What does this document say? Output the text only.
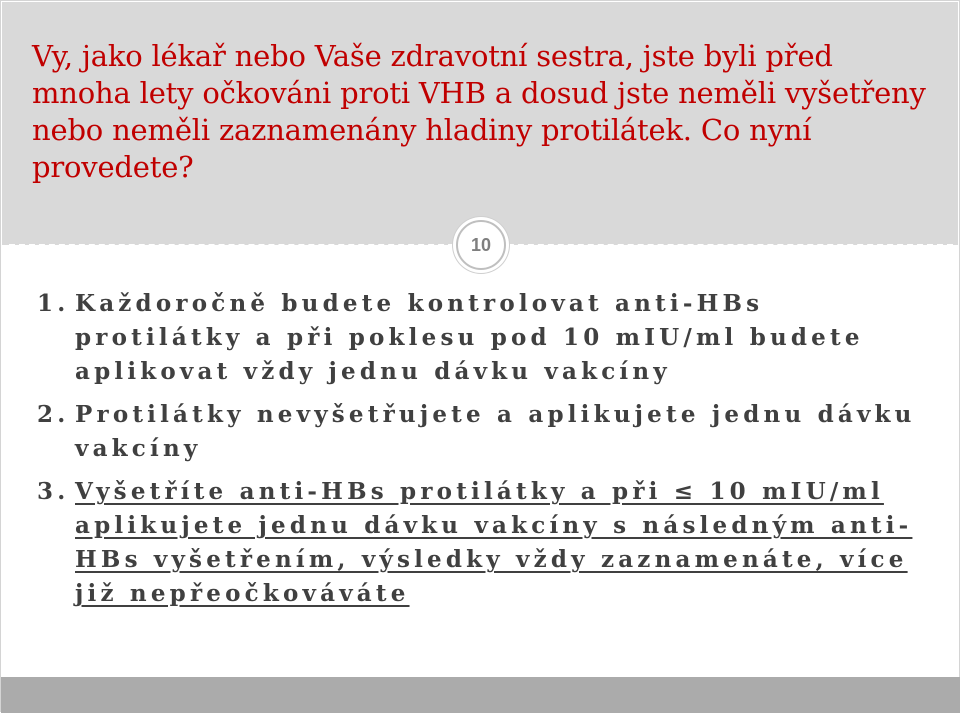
Vy, jako lékař nebo Vaše zdravotní sestra, jste byli před mnoha lety očkováni proti VHB a dosud jste neměli vyšetřeny nebo neměli zaznamenány hladiny protilátek. Co nyní provedete?
10
1. Každoročně budete kontrolovat anti-HBs protilátky a při poklesu pod 10 mIU/ml budete aplikovat vždy jednu dávku vakcíny
2. Protilátky nevyšetřujete a aplikujete jednu dávku vakcíny
3. Vyšetříte anti-HBs protilátky a při ≤ 10 mIU/ml aplikujete jednu dávku vakcíny s následným anti-HBs vyšetřením, výsledky vždy zaznamenáte, více již nepřeočkováváte
